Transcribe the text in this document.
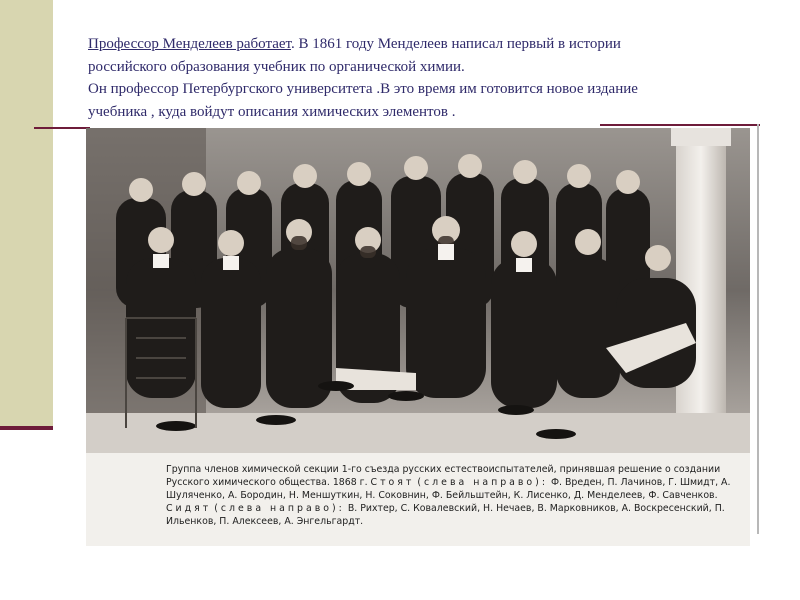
Профессор Менделеев работает. В 1861 году Менделеев написал первый в истории

российского образования учебник по органической химии.

Он профессор Петербургского университета .В это время им готовится новое издание

учебника , куда войдут описания химических элементов .

Группа членов химической секции 1-го съезда русских естествоиспытателей, принявшая решение о создании Русского химического общества. 1868 г. Стоят (слева направо): Ф. Вреден, П. Лачинов, Г. Шмидт, А. Шуляченко, А. Бородин, Н. Меншуткин, Н. Соковнин, Ф. Бейльштейн, К. Лисенко, Д. Менделеев, Ф. Савченков. Сидят (слева направо): В. Рихтер, С. Ковалевский, Н. Нечаев, В. Марковников, А. Воскресенский, П. Ильенков, П. Алексеев, А. Энгельгардт.
